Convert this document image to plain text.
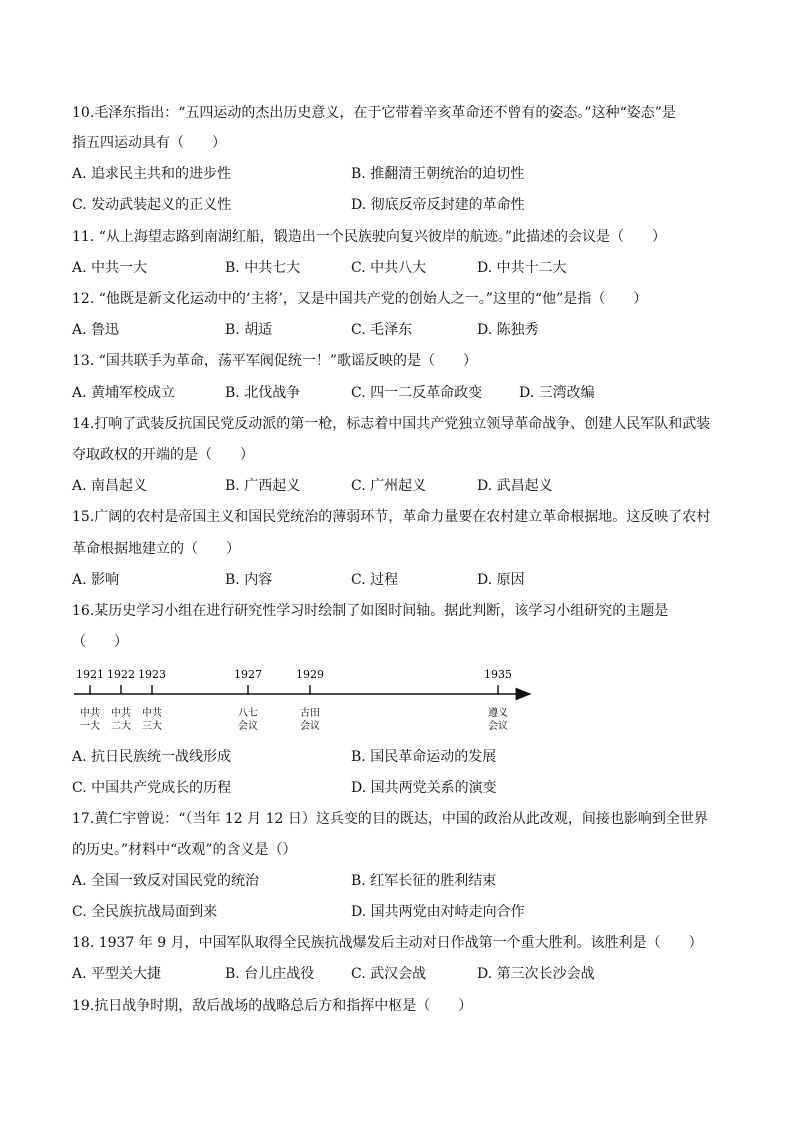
10.毛泽东指出：“五四运动的杰出历史意义，在于它带着辛亥革命还不曾有的姿态。”这种“姿态”是
指五四运动具有（　　）
A. 追求民主共和的进步性	B. 推翻清王朝统治的迫切性
C. 发动武装起义的正义性	D. 彻底反帝反封建的革命性
11. “从上海望志路到南湖红船，锻造出一个民族驶向复兴彼岸的航迹。”此描述的会议是（　　）
A. 中共一大	B. 中共七大	C. 中共八大	D. 中共十二大
12. “他既是新文化运动中的‘主将’，又是中国共产党的创始人之一。”这里的“他”是指（　　）
A. 鲁迅	B. 胡适	C. 毛泽东	D. 陈独秀
13. “国共联手为革命，荡平军阀促统一！”歌谣反映的是（　　）
A. 黄埔军校成立	B. 北伐战争	C. 四一二反革命政变	D. 三湾改编
14.打响了武装反抗国民党反动派的第一枪，标志着中国共产党独立领导革命战争、创建人民军队和武装
夺取政权的开端的是（　　）
A. 南昌起义	B. 广西起义	C. 广州起义	D. 武昌起义
15.广阔的农村是帝国主义和国民党统治的薄弱环节，革命力量要在农村建立革命根据地。这反映了农村
革命根据地建立的（　　）
A. 影响	B. 内容	C. 过程	D. 原因
16.某历史学习小组在进行研究性学习时绘制了如图时间轴。据此判断，该学习小组研究的主题是
（　　）
1921
中共
一大
1922
中共
二大
1923
中共
三大
1927
八七
会议
1929
古田
会议
1935
遵义
会议
A. 抗日民族统一战线形成	B. 国民革命运动的发展
C. 中国共产党成长的历程	D. 国共两党关系的演变
17.黄仁宇曾说：“（当年 12 月 12 日）这兵变的目的既达，中国的政治从此改观，间接也影响到全世界
的历史。”材料中“改观”的含义是（）
A. 全国一致反对国民党的统治	B. 红军长征的胜利结束
C. 全民族抗战局面到来	D. 国共两党由对峙走向合作
18. 1937 年 9 月，中国军队取得全民族抗战爆发后主动对日作战第一个重大胜利。该胜利是（　　）
A. 平型关大捷	B. 台儿庄战役	C. 武汉会战	D. 第三次长沙会战
19.抗日战争时期，敌后战场的战略总后方和指挥中枢是（　　）
